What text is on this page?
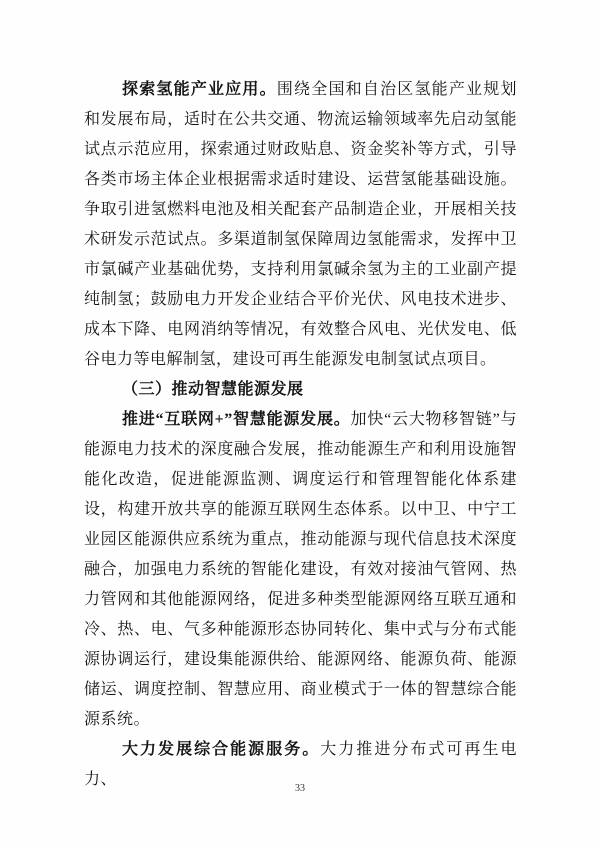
探索氢能产业应用。围绕全国和自治区氢能产业规划和发展布局，适时在公共交通、物流运输领域率先启动氢能试点示范应用，探索通过财政贴息、资金奖补等方式，引导各类市场主体企业根据需求适时建设、运营氢能基础设施。争取引进氢燃料电池及相关配套产品制造企业，开展相关技术研发示范试点。多渠道制氢保障周边氢能需求，发挥中卫市氯碱产业基础优势，支持利用氯碱余氢为主的工业副产提纯制氢；鼓励电力开发企业结合平价光伏、风电技术进步、成本下降、电网消纳等情况，有效整合风电、光伏发电、低谷电力等电解制氢，建设可再生能源发电制氢试点项目。

（三）推动智慧能源发展

推进“互联网+”智慧能源发展。加快“云大物移智链”与能源电力技术的深度融合发展，推动能源生产和利用设施智能化改造，促进能源监测、调度运行和管理智能化体系建设，构建开放共享的能源互联网生态体系。以中卫、中宁工业园区能源供应系统为重点，推动能源与现代信息技术深度融合，加强电力系统的智能化建设，有效对接油气管网、热力管网和其他能源网络，促进多种类型能源网络互联互通和冷、热、电、气多种能源形态协同转化、集中式与分布式能源协调运行，建设集能源供给、能源网络、能源负荷、能源储运、调度控制、智慧应用、商业模式于一体的智慧综合能源系统。

大力发展综合能源服务。大力推进分布式可再生电力、

33
